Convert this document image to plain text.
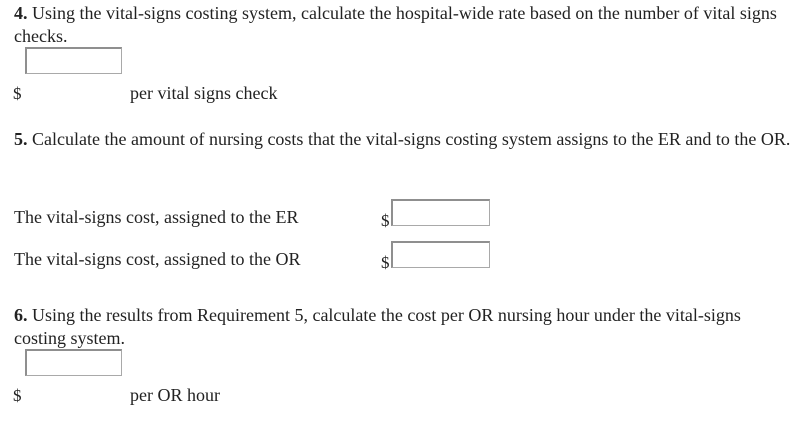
4. Using the vital-signs costing system, calculate the hospital-wide rate based on the number of vital signs checks.
$	per vital signs check
5. Calculate the amount of nursing costs that the vital-signs costing system assigns to the ER and to the OR.
The vital-signs cost, assigned to the ER	$
The vital-signs cost, assigned to the OR	$
6. Using the results from Requirement 5, calculate the cost per OR nursing hour under the vital-signs costing system.
$	per OR hour
